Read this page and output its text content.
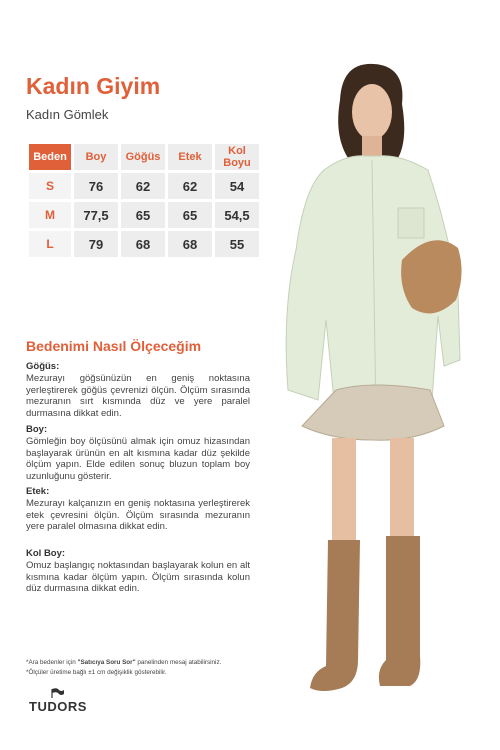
Kadın Giyim
Kadın Gömlek
Beden	Boy	Göğüs	Etek	Kol Boyu
S	76	62	62	54
M	77,5	65	65	54,5
L	79	68	68	55
Bedenimi Nasıl Ölçeceğim
Göğüs:

Mezurayı göğsünüzün en geniş noktasına yerleştirerek göğüs çevrenizi ölçün. Ölçüm sırasında mezuranın sırt kısmında düz ve yere paralel durmasına dikkat edin.

Boy:

Gömleğin boy ölçüsünü almak için omuz hizasından başlayarak ürünün en alt kısmına kadar düz şekilde ölçüm yapın. Elde edilen sonuç bluzun toplam boy uzunluğunu gösterir.

Etek:

Mezurayı kalçanızın en geniş noktasına yerleştirerek etek çevresini ölçün. Ölçüm sırasında mezuranın yere paralel olmasına dikkat edin.

Kol Boy:

Omuz başlangıç noktasından başlayarak kolun en alt kısmına kadar ölçüm yapın. Ölçüm sırasında kolun düz durmasına dikkat edin.

*Ara bedenler için "Satıcıya Soru Sor" panelinden mesaj atabilirsiniz.
*Ölçüler üretime bağlı ±1 cm değişiklik gösterebilir.
TUDORS
